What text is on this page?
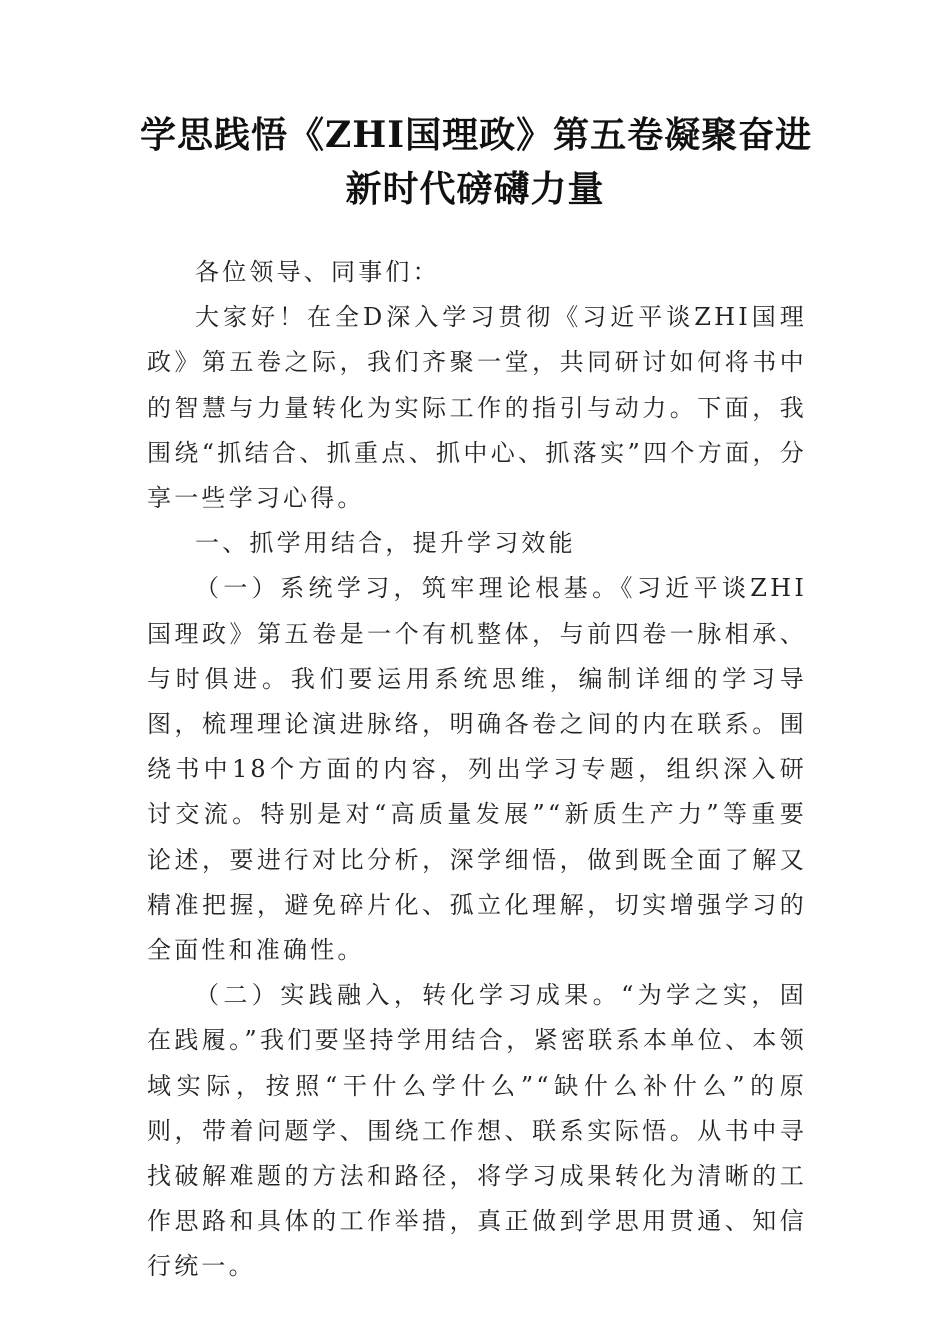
学思践悟《ZHI国理政》第五卷凝聚奋进
新时代磅礴力量

各位领导、同事们：

大家好！在全D深入学习贯彻《习近平谈ZHI国理政》第五卷之际，我们齐聚一堂，共同研讨如何将书中的智慧与力量转化为实际工作的指引与动力。下面，我围绕“抓结合、抓重点、抓中心、抓落实”四个方面，分享一些学习心得。

一、抓学用结合，提升学习效能

（一）系统学习，筑牢理论根基。《习近平谈ZHI国理政》第五卷是一个有机整体，与前四卷一脉相承、与时俱进。我们要运用系统思维，编制详细的学习导图，梳理理论演进脉络，明确各卷之间的内在联系。围绕书中18个方面的内容，列出学习专题，组织深入研讨交流。特别是对“高质量发展”“新质生产力”等重要论述，要进行对比分析，深学细悟，做到既全面了解又精准把握，避免碎片化、孤立化理解，切实增强学习的全面性和准确性。

（二）实践融入，转化学习成果。“为学之实，固在践履。”我们要坚持学用结合，紧密联系本单位、本领域实际，按照“干什么学什么”“缺什么补什么”的原则，带着问题学、围绕工作想、联系实际悟。从书中寻找破解难题的方法和路径，将学习成果转化为清晰的工作思路和具体的工作举措，真正做到学思用贯通、知信行统一。
